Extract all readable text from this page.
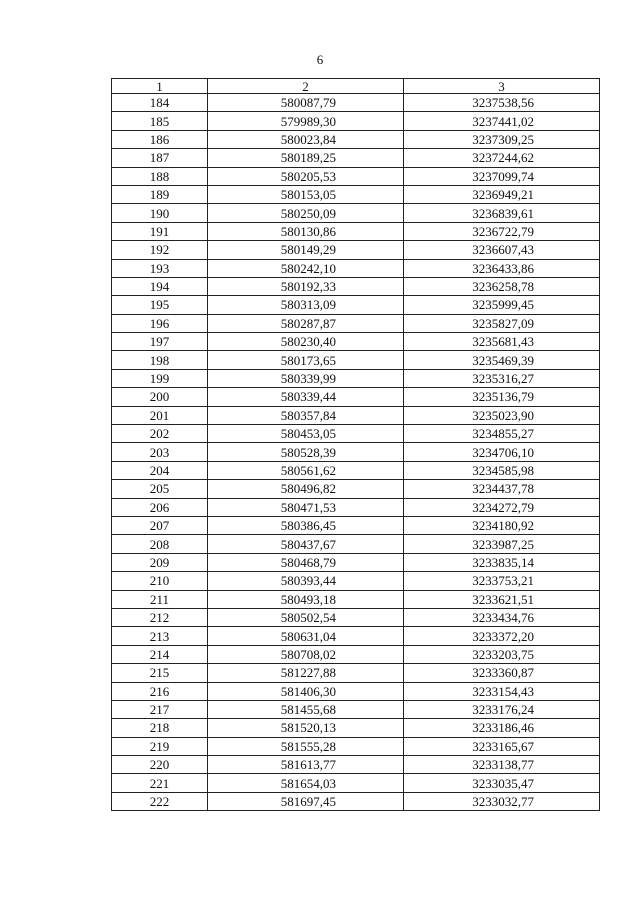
6
1	2	3
184	580087,79	3237538,56
185	579989,30	3237441,02
186	580023,84	3237309,25
187	580189,25	3237244,62
188	580205,53	3237099,74
189	580153,05	3236949,21
190	580250,09	3236839,61
191	580130,86	3236722,79
192	580149,29	3236607,43
193	580242,10	3236433,86
194	580192,33	3236258,78
195	580313,09	3235999,45
196	580287,87	3235827,09
197	580230,40	3235681,43
198	580173,65	3235469,39
199	580339,99	3235316,27
200	580339,44	3235136,79
201	580357,84	3235023,90
202	580453,05	3234855,27
203	580528,39	3234706,10
204	580561,62	3234585,98
205	580496,82	3234437,78
206	580471,53	3234272,79
207	580386,45	3234180,92
208	580437,67	3233987,25
209	580468,79	3233835,14
210	580393,44	3233753,21
211	580493,18	3233621,51
212	580502,54	3233434,76
213	580631,04	3233372,20
214	580708,02	3233203,75
215	581227,88	3233360,87
216	581406,30	3233154,43
217	581455,68	3233176,24
218	581520,13	3233186,46
219	581555,28	3233165,67
220	581613,77	3233138,77
221	581654,03	3233035,47
222	581697,45	3233032,77
